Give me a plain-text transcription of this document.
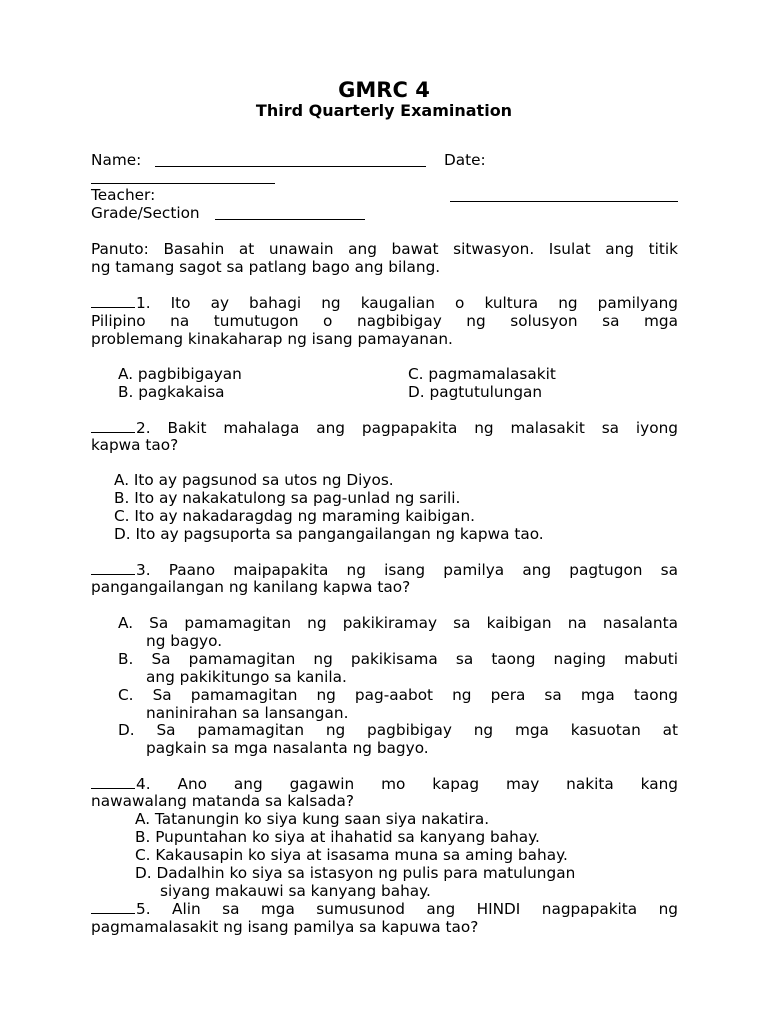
GMRC 4
Third Quarterly Examination
Name:	Date:
Teacher:
Grade/Section
Panuto: Basahin at unawain ang bawat sitwasyon. Isulat ang titik
ng tamang sagot sa patlang bago ang bilang.
1. Ito ay bahagi ng kaugalian o kultura ng pamilyang
Pilipino na tumutugon o nagbibigay ng solusyon sa mga
problemang kinakaharap ng isang pamayanan.
A. pagbibigayan
B. pagkakaisa
C. pagmamalasakit
D. pagtutulungan
2. Bakit mahalaga ang pagpapakita ng malasakit sa iyong
kapwa tao?
A. Ito ay pagsunod sa utos ng Diyos.
B. Ito ay nakakatulong sa pag-unlad ng sarili.
C. Ito ay nakadaragdag ng maraming kaibigan.
D. Ito ay pagsuporta sa pangangailangan ng kapwa tao.
3. Paano maipapakita ng isang pamilya ang pagtugon sa
pangangailangan ng kanilang kapwa tao?
A. Sa pamamagitan ng pakikiramay sa kaibigan na nasalanta
ng bagyo.
B. Sa pamamagitan ng pakikisama sa taong naging mabuti
ang pakikitungo sa kanila.
C. Sa pamamagitan ng pag-aabot ng pera sa mga taong
naninirahan sa lansangan.
D. Sa pamamagitan ng pagbibigay ng mga kasuotan at
pagkain sa mga nasalanta ng bagyo.
4. Ano ang gagawin mo kapag may nakita kang
nawawalang matanda sa kalsada?
A. Tatanungin ko siya kung saan siya nakatira.
B. Pupuntahan ko siya at ihahatid sa kanyang bahay.
C. Kakausapin ko siya at isasama muna sa aming bahay.
D. Dadalhin ko siya sa istasyon ng pulis para matulungan
siyang makauwi sa kanyang bahay.
5. Alin sa mga sumusunod ang HINDI nagpapakita ng
pagmamalasakit ng isang pamilya sa kapuwa tao?
